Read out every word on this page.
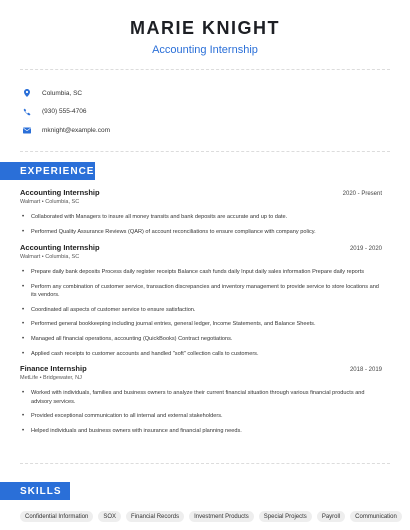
MARIE KNIGHT
Accounting Internship
Columbia, SC
(930) 555-4706
mknight@example.com
EXPERIENCE
Accounting Internship	2020 - Present
Walmart • Columbia, SC
•	Collaborated with Managers to insure all money transits and bank deposits are accurate and up to date.
•	Performed Quality Assurance Reviews (QAR) of account reconciliations to ensure compliance with company policy.
Accounting Internship	2019 - 2020
Walmart • Columbia, SC
•	Prepare daily bank deposits Process daily register receipts Balance cash funds daily Input daily sales information Prepare daily reports
•	Perform any combination of customer service, transaction discrepancies and inventory management to provide service to store locations and its vendors.
•	Coordinated all aspects of customer service to ensure satisfaction.
•	Performed general bookkeeping including journal entries, general ledger, Income Statements, and Balance Sheets.
•	Managed all financial operations, accounting (QuickBooks) Contract negotiations.
•	Applied cash receipts to customer accounts and handled "soft" collection calls to customers.
Finance Internship	2018 - 2019
MetLife • Bridgewater, NJ
•	Worked with individuals, families and business owners to analyze their current financial situation through various financial products and advisory services.
•	Provided exceptional communication to all internal and external stakeholders.
•	Helped individuals and business owners with insurance and financial planning needs.
SKILLS
Confidential Information	SOX	Financial Records	Investment Products	Special Projects	Payroll	Communication
